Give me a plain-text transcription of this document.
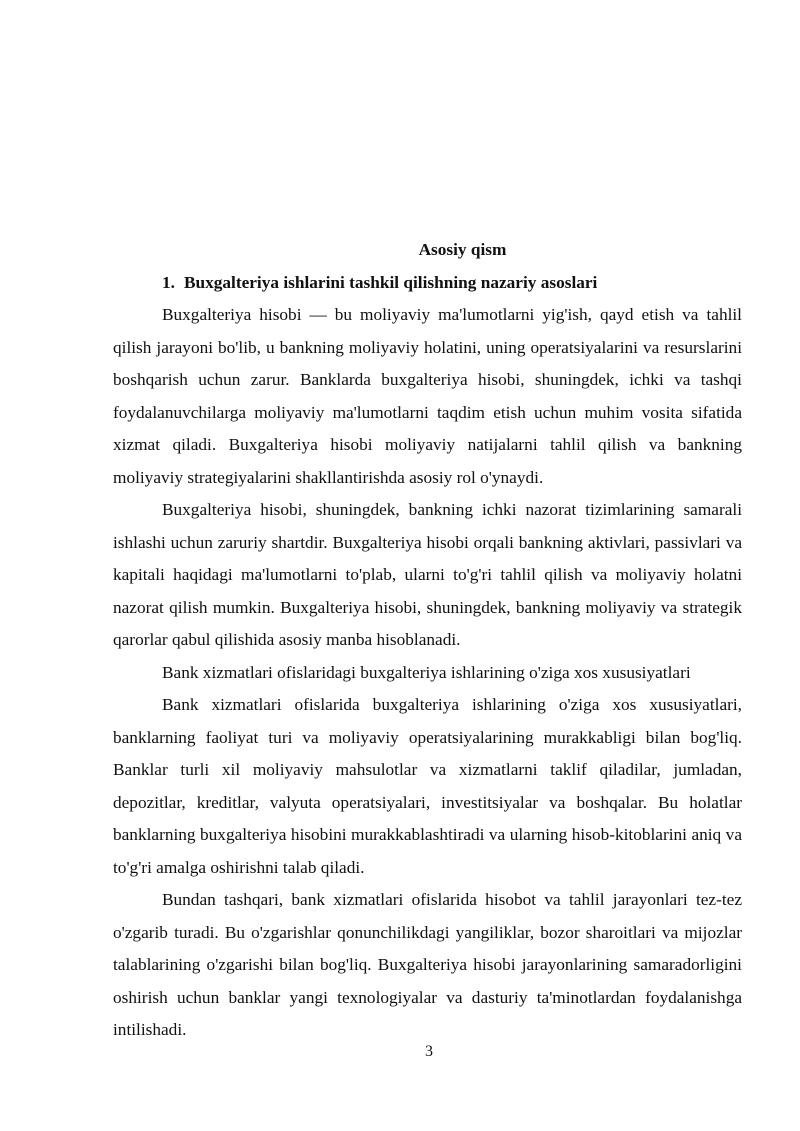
Asosiy qism

1. Buxgalteriya ishlarini tashkil qilishning nazariy asoslari

Buxgalteriya hisobi — bu moliyaviy ma'lumotlarni yig'ish, qayd etish va tahlil qilish jarayoni bo'lib, u bankning moliyaviy holatini, uning operatsiyalarini va resurslarini boshqarish uchun zarur. Banklarda buxgalteriya hisobi, shuningdek, ichki va tashqi foydalanuvchilarga moliyaviy ma'lumotlarni taqdim etish uchun muhim vosita sifatida xizmat qiladi. Buxgalteriya hisobi moliyaviy natijalarni tahlil qilish va bankning moliyaviy strategiyalarini shakllantirishda asosiy rol o'ynaydi.

Buxgalteriya hisobi, shuningdek, bankning ichki nazorat tizimlarining samarali ishlashi uchun zaruriy shartdir. Buxgalteriya hisobi orqali bankning aktivlari, passivlari va kapitali haqidagi ma'lumotlarni to'plab, ularni to'g'ri tahlil qilish va moliyaviy holatni nazorat qilish mumkin. Buxgalteriya hisobi, shuningdek, bankning moliyaviy va strategik qarorlar qabul qilishida asosiy manba hisoblanadi.

Bank xizmatlari ofislaridagi buxgalteriya ishlarining o'ziga xos xususiyatlari

Bank xizmatlari ofislarida buxgalteriya ishlarining o'ziga xos xususiyatlari, banklarning faoliyat turi va moliyaviy operatsiyalarining murakkabligi bilan bog'liq. Banklar turli xil moliyaviy mahsulotlar va xizmatlarni taklif qiladilar, jumladan, depozitlar, kreditlar, valyuta operatsiyalari, investitsiyalar va boshqalar. Bu holatlar banklarning buxgalteriya hisobini murakkablashtiradi va ularning hisob-kitoblarini aniq va to'g'ri amalga oshirishni talab qiladi.

Bundan tashqari, bank xizmatlari ofislarida hisobot va tahlil jarayonlari tez-tez o'zgarib turadi. Bu o'zgarishlar qonunchilikdagi yangiliklar, bozor sharoitlari va mijozlar talablarining o'zgarishi bilan bog'liq. Buxgalteriya hisobi jarayonlarining samaradorligini oshirish uchun banklar yangi texnologiyalar va dasturiy ta'minotlardan foydalanishga intilishadi.

3
